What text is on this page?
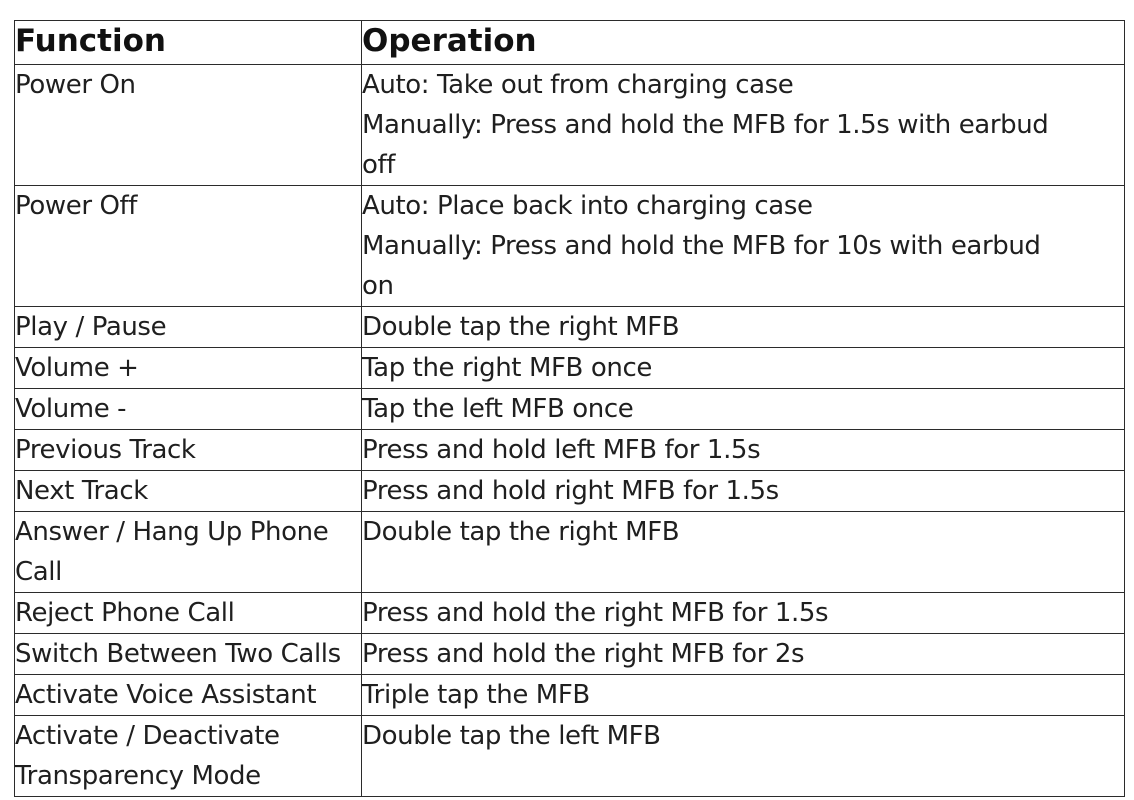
Function	Operation

Power On	Auto: Take out from charging case
Manually: Press and hold the MFB for 1.5s with earbud
off

Power Off	Auto: Place back into charging case
Manually: Press and hold the MFB for 10s with earbud
on

Play / Pause	Double tap the right MFB

Volume +	Tap the right MFB once

Volume -	Tap the left MFB once

Previous Track	Press and hold left MFB for 1.5s

Next Track	Press and hold right MFB for 1.5s

Answer / Hang Up Phone
Call	Double tap the right MFB

Reject Phone Call	Press and hold the right MFB for 1.5s

Switch Between Two Calls	Press and hold the right MFB for 2s

Activate Voice Assistant	Triple tap the MFB

Activate / Deactivate
Transparency Mode	Double tap the left MFB
